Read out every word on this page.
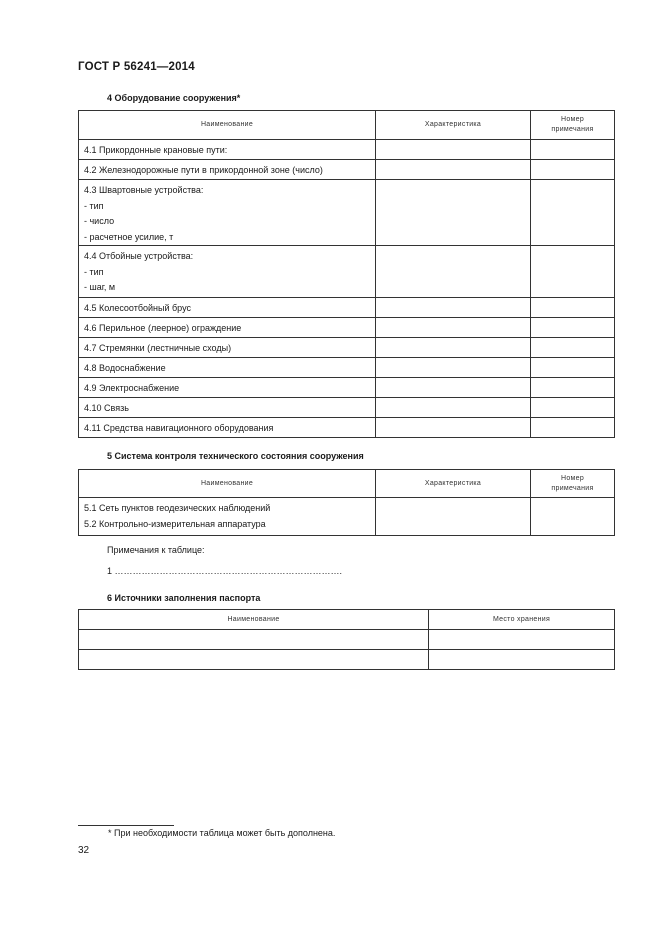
ГОСТ Р 56241—2014
4 Оборудование сооружения*
Наименование	Характеристика	Номер
примечания

4.1 Прикордонные крановые пути:		

4.2 Железнодорожные пути в прикордонной зоне (число)		

4.3 Швартовные устройства:
- тип
- число
- расчетное усилие, т		

4.4 Отбойные устройства:
- тип
- шаг, м		

4.5 Колесоотбойный брус		

4.6 Перильное (леерное) ограждение		

4.7 Стремянки (лестничные сходы)		

4.8 Водоснабжение		

4.9 Электроснабжение		

4.10 Связь		

4.11 Средства навигационного оборудования		

5 Система контроля технического состояния сооружения
Наименование	Характеристика	Номер
примечания

5.1 Сеть пунктов геодезических наблюдений
5.2 Контрольно-измерительная аппаратура		

Примечания к таблице:
1 ………………………………………………………………….
6 Источники заполнения паспорта
Наименование	Место хранения

* При необходимости таблица может быть дополнена.
32
